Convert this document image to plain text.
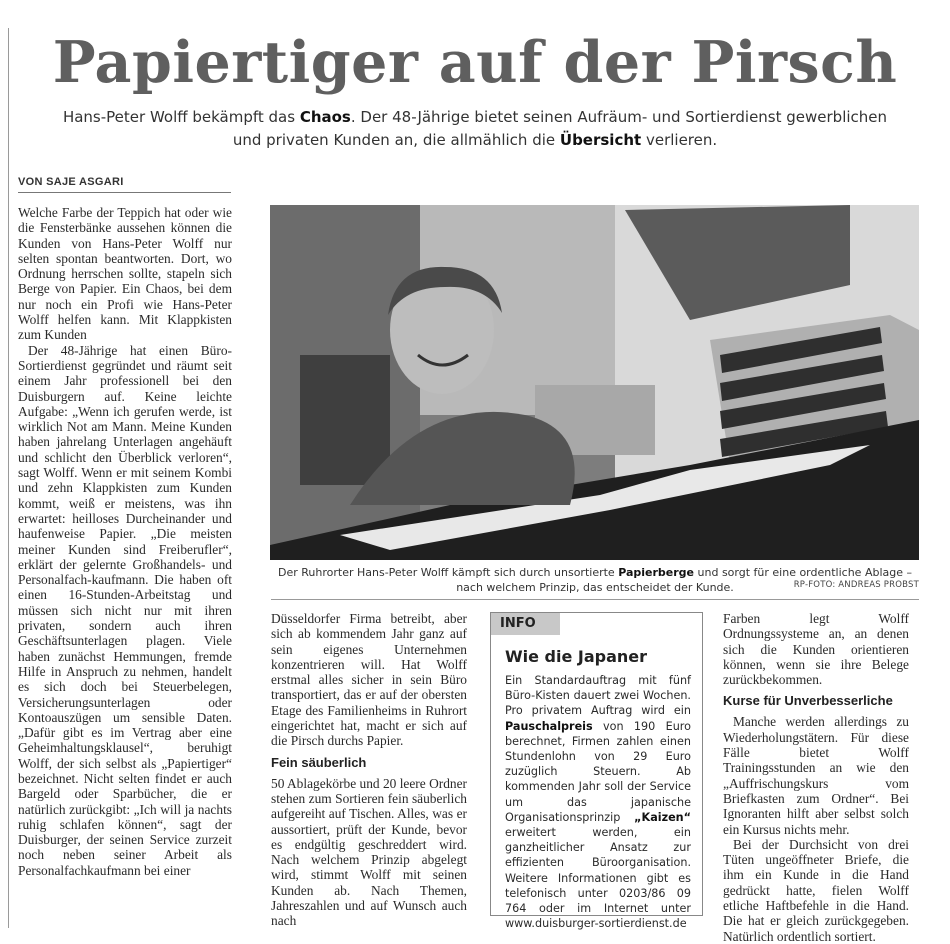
Papiertiger auf der Pirsch
Hans-Peter Wolff bekämpft das Chaos. Der 48-Jährige bietet seinen Aufräum- und Sortierdienst gewerblichen und privaten Kunden an, die allmählich die Übersicht verlieren.
VON SAJE ASGARI

Welche Farbe der Teppich hat oder wie die Fensterbänke aussehen können die Kunden von Hans-Peter Wolff nur selten spontan beantworten. Dort, wo Ordnung herrschen sollte, stapeln sich Berge von Papier. Ein Chaos, bei dem nur noch ein Profi wie Hans-Peter Wolff helfen kann. Mit Klappkisten zum Kunden

Der 48-Jährige hat einen Büro-Sortierdienst gegründet und räumt seit einem Jahr professionell bei den Duisburgern auf. Keine leichte Aufgabe: „Wenn ich gerufen werde, ist wirklich Not am Mann. Meine Kunden haben jahrelang Unterlagen angehäuft und schlicht den Überblick verloren“, sagt Wolff. Wenn er mit seinem Kombi und zehn Klappkisten zum Kunden kommt, weiß er meistens, was ihn erwartet: heilloses Durcheinander und haufenweise Papier. „Die meisten meiner Kunden sind Freiberufler“, erklärt der gelernte Großhandels- und Personalfach-kaufmann. Die haben oft einen 16-Stunden-Arbeitstag und müssen sich nicht nur mit ihren privaten, sondern auch ihren Geschäftsunterlagen plagen. Viele haben zunächst Hemmungen, fremde Hilfe in Anspruch zu nehmen, handelt es sich doch bei Steuerbelegen, Versicherungsunterlagen oder Kontoauszügen um sensible Daten. „Dafür gibt es im Vertrag aber eine Geheimhaltungsklausel“, beruhigt Wolff, der sich selbst als „Papiertiger“ bezeichnet. Nicht selten findet er auch Bargeld oder Sparbücher, die er natürlich zurückgibt: „Ich will ja nachts ruhig schlafen können“, sagt der Duisburger, der seinen Service zurzeit noch neben seiner Arbeit als Personalfachkaufmann bei einer

Der Ruhrorter Hans-Peter Wolff kämpft sich durch unsortierte Papierberge und sorgt für eine ordentliche Ablage – nach welchem Prinzip, das entscheidet der Kunde.	RP-FOTO: ANDREAS PROBST

Düsseldorfer Firma betreibt, aber sich ab kommendem Jahr ganz auf sein eigenes Unternehmen konzentrieren will. Hat Wolff erstmal alles sicher in sein Büro transportiert, das er auf der obersten Etage des Familienheims in Ruhrort eingerichtet hat, macht er sich auf die Pirsch durchs Papier.

Fein säuberlich

50 Ablagekörbe und 20 leere Ordner stehen zum Sortieren fein säuberlich aufgereiht auf Tischen. Alles, was er aussortiert, prüft der Kunde, bevor es endgültig geschreddert wird. Nach welchem Prinzip abgelegt wird, stimmt Wolff mit seinen Kunden ab. Nach Themen, Jahreszahlen und auf Wunsch auch nach

INFO
Wie die Japaner
Ein Standardauftrag mit fünf Büro-Kisten dauert zwei Wochen. Pro privatem Auftrag wird ein Pauschalpreis von 190 Euro berechnet, Firmen zahlen einen Stundenlohn von 29 Euro zuzüglich Steuern. Ab kommenden Jahr soll der Service um das japanische Organisationsprinzip „Kaizen“ erweitert werden, ein ganzheitlicher Ansatz zur effizienten Büroorganisation. Weitere Informationen gibt es telefonisch unter 0203/86 09 764 oder im Internet unter www.duisburger-sortierdienst.de

Farben legt Wolff Ordnungssysteme an, an denen sich die Kunden orientieren können, wenn sie ihre Belege zurückbekommen.

Kurse für Unverbesserliche

Manche werden allerdings zu Wiederholungstätern. Für diese Fälle bietet Wolff Trainingsstunden an wie den „Auffrischungskurs vom Briefkasten zum Ordner“. Bei Ignoranten hilft aber selbst solch ein Kursus nichts mehr.

Bei der Durchsicht von drei Tüten ungeöffneter Briefe, die ihm ein Kunde in die Hand gedrückt hatte, fielen Wolff etliche Haftbefehle in die Hand. Die hat er gleich zurückgegeben. Natürlich ordentlich sortiert.
